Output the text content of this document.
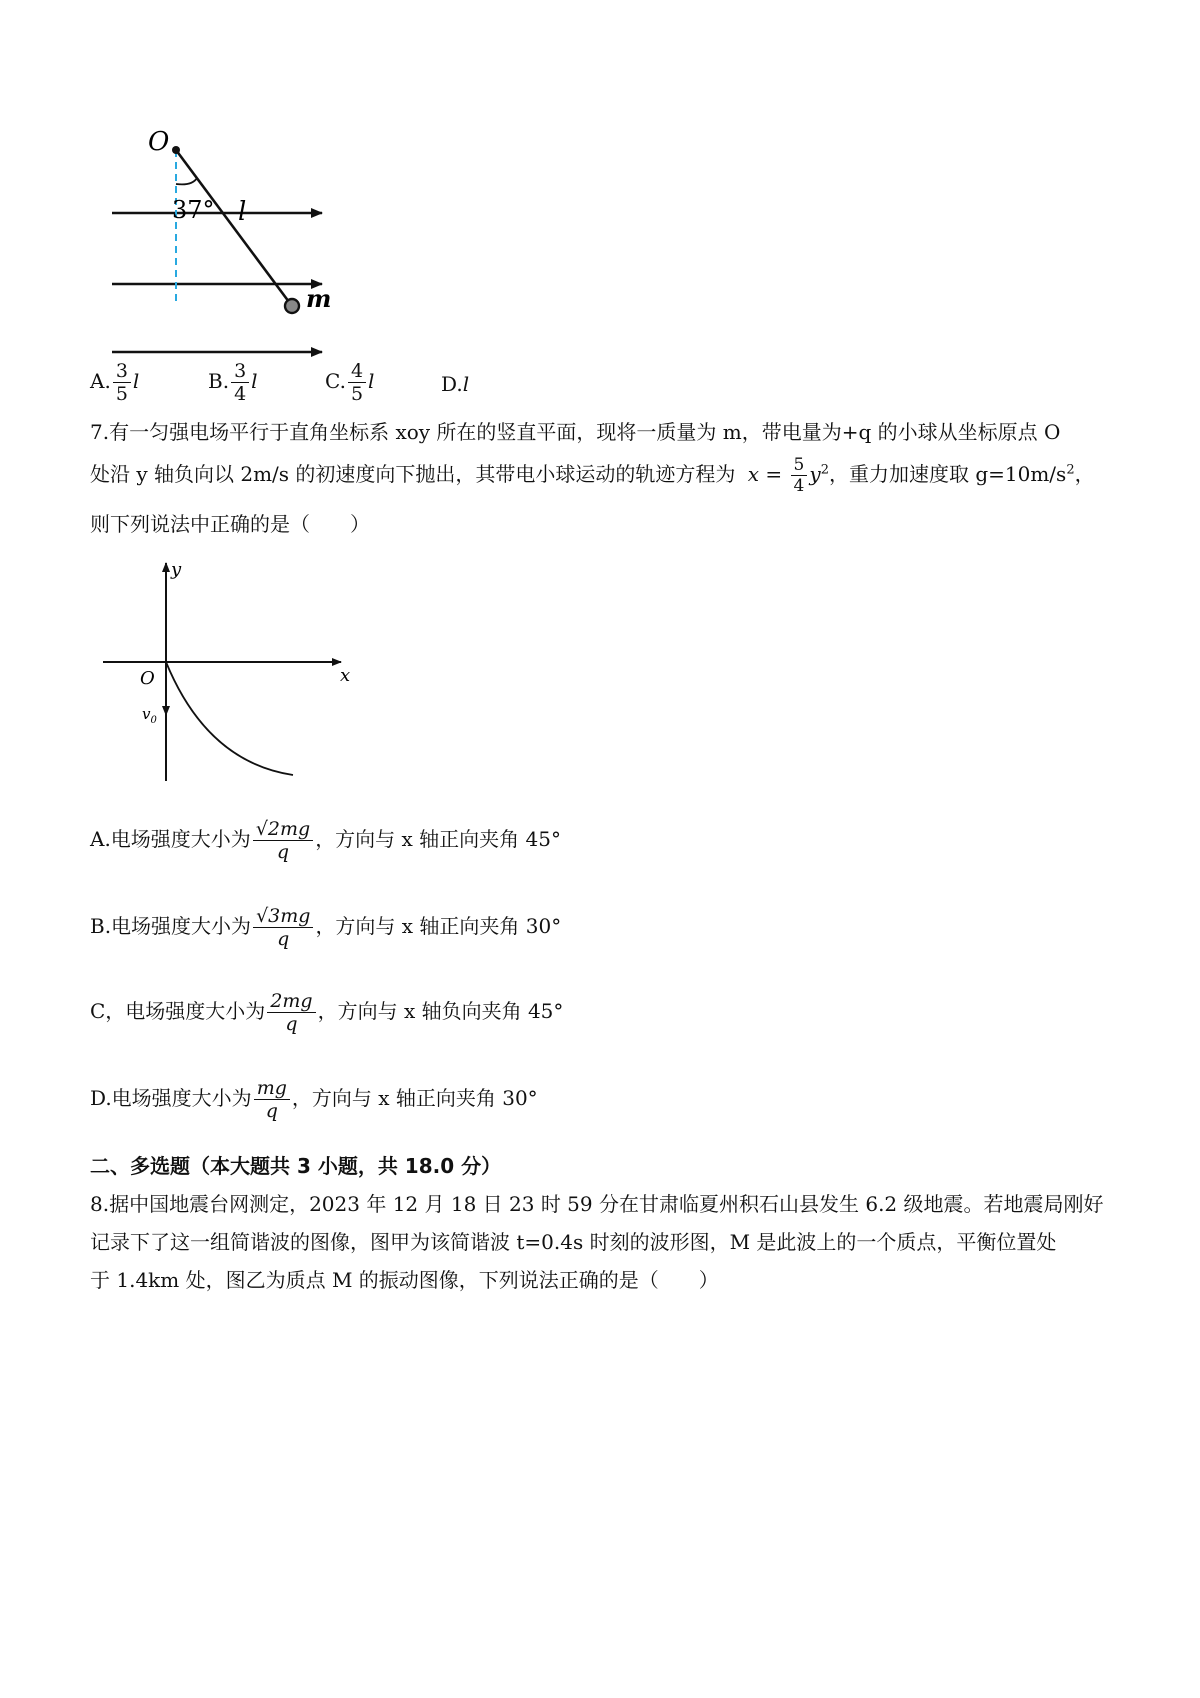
O
37° l
m
A. $\frac{3}{5}$ l	B. $\frac{3}{4}$ l	C. $\frac{4}{5}$ l	D.l
7.有一匀强电场平行于直角坐标系 xoy 所在的竖直平面，现将一质量为 m，带电量为+q 的小球从坐标原点 O
处沿 y 轴负向以 2m/s 的初速度向下抛出，其带电小球运动的轨迹方程为 $x = \frac{5}{4} y^2$，重力加速度取 $g=10m/s^2$，
则下列说法中正确的是（　　）
y
x
O
$v_0$
A.电场强度大小为 $\frac{√2mg}{q}$ ，方向与 x 轴正向夹角 45°
B.电场强度大小为 $\frac{√3mg}{q}$ ，方向与 x 轴正向夹角 30°
C，电场强度大小为 $\frac{2mg}{q}$ ，方向与 x 轴负向夹角 45°
D.电场强度大小为 $\frac{mg}{q}$ ，方向与 x 轴正向夹角 30°
二、多选题（本大题共 3 小题，共 18.0 分）
8.据中国地震台网测定，2023 年 12 月 18 日 23 时 59 分在甘肃临夏州积石山县发生 6.2 级地震。若地震局刚好
记录下了这一组简谐波的图像，图甲为该简谐波 t=0.4s 时刻的波形图，M 是此波上的一个质点，平衡位置处
于 1.4km 处，图乙为质点 M 的振动图像，下列说法正确的是（　　）
